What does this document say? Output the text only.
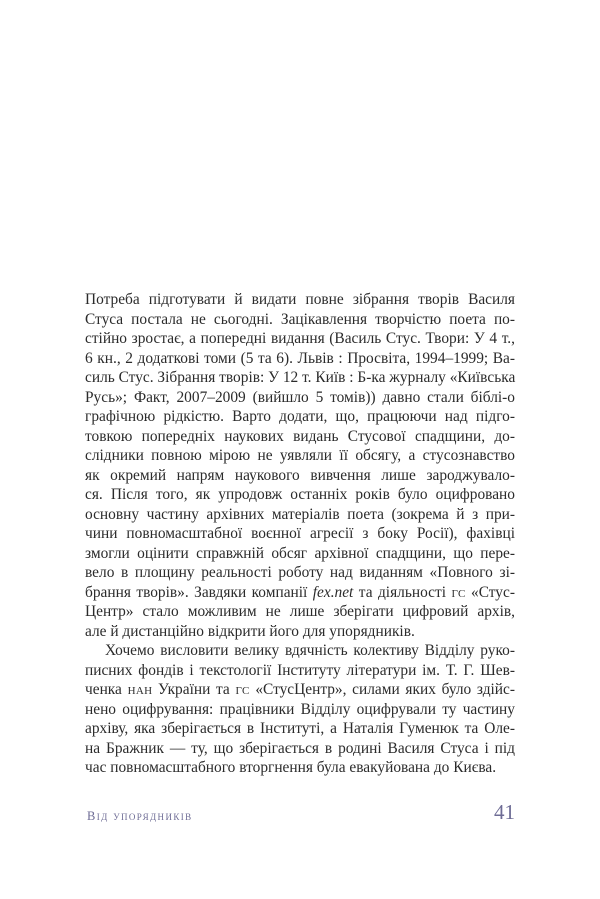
Потреба підготувати й видати повне зібрання творів Василя
Стуса постала не сьогодні. Зацікавлення творчістю поета по-
стійно зростає, а попередні видання (Василь Стус. Твори: У 4 т.,
6 кн., 2 додаткові томи (5 та 6). Львів : Просвіта, 1994–1999; Ва-
силь Стус. Зібрання творів: У 12 т. Київ : Б-ка журналу «Київська
Русь»; Факт, 2007–2009 (вийшло 5 томів)) давно стали біблі-о
графічною рідкістю. Варто додати, що, працюючи над підго-
товкою попередніх наукових видань Стусової спадщини, до-
слідники повною мірою не уявляли її обсягу, а стусознавство
як окремий напрям наукового вивчення лише зароджувало-
ся. Після того, як упродовж останніх років було оцифровано
основну частину архівних матеріалів поета (зокрема й з при-
чини повномасштабної воєнної агресії з боку Росії), фахівці
змогли оцінити справжній обсяг архівної спадщини, що пере-
вело в площину реальності роботу над виданням «Повного зі-
брання творів». Завдяки компанії fex.net та діяльності гс «Стус-
Центр» стало можливим не лише зберігати цифровий архів,
але й дистанційно відкрити його для упорядників.
Хочемо висловити велику вдячність колективу Відділу руко-
писних фондів і текстології Інституту літератури ім. Т. Г. Шев-
ченка нан України та гс «СтусЦентр», силами яких було здійс-
нено оцифрування: працівники Відділу оцифрували ту частину
архіву, яка зберігається в Інституті, а Наталія Гуменюк та Оле-
на Бражник — ту, що зберігається в родині Василя Стуса і під
час повномасштабного вторгнення була евакуйована до Києва.
Від упорядників	41
